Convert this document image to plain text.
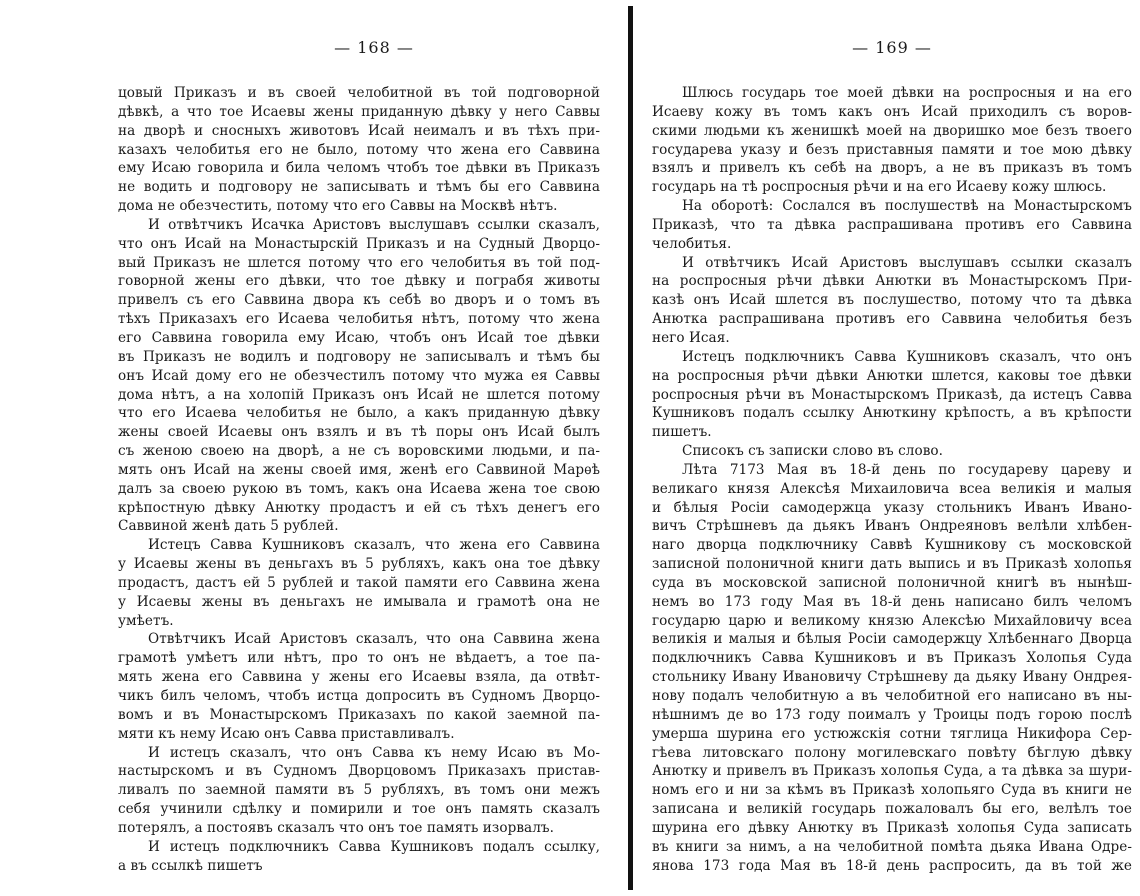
— 168 —
цовый Приказъ и въ своей челобитной въ той подговорной
дѣвкѣ, а что тое Исаевы жены приданную дѣвку у него Саввы
на дворѣ и сносныхъ животовъ Исай неималъ и въ тѣхъ при-
казахъ челобитья его не было, потому что жена его Саввина
ему Исаю говорила и била челомъ чтобъ тое дѣвки въ Приказъ
не водить и подговору не записывать и тѣмъ бы его Саввина
дома не обезчестить, потому что его Саввы на Москвѣ нѣтъ.
И отвѣтчикъ Исачка Аристовъ выслушавъ ссылки сказалъ,
что онъ Исай на Монастырскій Приказъ и на Судный Дворцо-
вый Приказъ не шлется потому что его челобитья въ той под-
говорной жены его дѣвки, что тое дѣвку и пограбя животы
привелъ съ его Саввина двора къ себѣ во дворъ и о томъ въ
тѣхъ Приказахъ его Исаева челобитья нѣтъ, потому что жена
его Саввина говорила ему Исаю, чтобъ онъ Исай тое дѣвки
въ Приказъ не водилъ и подговору не записывалъ и тѣмъ бы
онъ Исай дому его не обезчестилъ потому что мужа ея Саввы
дома нѣтъ, а на холопій Приказъ онъ Исай не шлется потому
что его Исаева челобитья не было, а какъ приданную дѣвку
жены своей Исаевы онъ взялъ и въ тѣ поры онъ Исай былъ
съ женою своею на дворѣ, а не съ воровскими людьми, и па-
мять онъ Исай на жены своей имя, женѣ его Саввиной Марѳѣ
далъ за своею рукою въ томъ, какъ она Исаева жена тое свою
крѣпостную дѣвку Анютку продастъ и ей съ тѣхъ денегъ его
Саввиной женѣ дать 5 рублей.
Истецъ Савва Кушниковъ сказалъ, что жена его Саввина
у Исаевы жены въ деньгахъ въ 5 рубляхъ, какъ она тое дѣвку
продастъ, дастъ ей 5 рублей и такой памяти его Саввина жена
у Исаевы жены въ деньгахъ не имывала и грамотѣ она не
умѣетъ.
Отвѣтчикъ Исай Аристовъ сказалъ, что она Саввина жена
грамотѣ умѣетъ или нѣтъ, про то онъ не вѣдаетъ, а тое па-
мять жена его Саввина у жены его Исаевы взяла, да отвѣт-
чикъ билъ челомъ, чтобъ истца допросить въ Судномъ Дворцо-
вомъ и въ Монастырскомъ Приказахъ по какой заемной па-
мяти къ нему Исаю онъ Савва приставливалъ.
И истецъ сказалъ, что онъ Савва къ нему Исаю въ Мо-
настырскомъ и въ Судномъ Дворцовомъ Приказахъ пристав-
ливалъ по заемной памяти въ 5 рубляхъ, въ томъ они межъ
себя учинили сдѣлку и помирили и тое онъ память сказалъ
потерялъ, а постоявъ сказалъ что онъ тое память изорвалъ.
И истецъ подключникъ Савва Кушниковъ подалъ ссылку,
а въ ссылкѣ пишетъ
— 169 —
Шлюсь государь тое моей дѣвки на роспросныя и на его
Исаеву кожу въ томъ какъ онъ Исай приходилъ съ воров-
скими людьми къ женишкѣ моей на дворишко мое безъ твоего
государева указу и безъ приставныя памяти и тое мою дѣвку
взялъ и привелъ къ себѣ на дворъ, а не въ приказъ въ томъ
государь на тѣ роспросныя рѣчи и на его Исаеву кожу шлюсь.
На оборотѣ: Сослался въ послушествѣ на Монастырскомъ
Приказѣ, что та дѣвка распрашивана противъ его Саввина
челобитья.
И отвѣтчикъ Исай Аристовъ выслушавъ ссылки сказалъ
на роспросныя рѣчи дѣвки Анютки въ Монастырскомъ При-
казѣ онъ Исай шлется въ послушество, потому что та дѣвка
Анютка распрашивана противъ его Саввина челобитья безъ
него Исая.
Истецъ подключникъ Савва Кушниковъ сказалъ, что онъ
на роспросныя рѣчи дѣвки Анютки шлется, каковы тое дѣвки
роспросныя рѣчи въ Монастырскомъ Приказѣ, да истецъ Савва
Кушниковъ подалъ ссылку Анюткину крѣпость, а въ крѣпости
пишетъ.
Списокъ съ записки слово въ слово.
Лѣта 7173 Мая въ 18-й день по государеву цареву и
великаго князя Алексѣя Михаиловича всеа великія и малыя
и бѣлыя Росіи самодержца указу стольникъ Иванъ Ивано-
вичъ Стрѣшневъ да дьякъ Иванъ Ондреяновъ велѣли хлѣбен-
наго дворца подключнику Саввѣ Кушникову съ московской
записной полоничной книги дать выпись и въ Приказѣ холопья
суда въ московской записной полоничной книгѣ въ нынѣш-
немъ во 173 году Мая въ 18-й день написано билъ челомъ
государю царю и великому князю Алексѣю Михайловичу всеа
великія и малыя и бѣлыя Росіи самодержцу Хлѣбеннаго Дворца
подключникъ Савва Кушниковъ и въ Приказъ Холопья Суда
стольнику Ивану Ивановичу Стрѣшневу да дьяку Ивану Ондрея-
нову подалъ челобитную а въ челобитной его написано въ ны-
нѣшнимъ де во 173 году поималъ у Троицы подъ горою послѣ
умерша шурина его устюжскія сотни тяглица Никифора Сер-
гѣева литовскаго полону могилевскаго повѣту бѣглую дѣвку
Анютку и привелъ въ Приказъ холопья Суда, а та дѣвка за шури-
номъ его и ни за кѣмъ въ Приказѣ холопьяго Суда въ книги не
записана и великій государь пожаловалъ бы его, велѣлъ тое
шурина его дѣвку Анютку въ Приказѣ холопья Суда записать
въ книги за нимъ, а на челобитной помѣта дьяка Ивана Одре-
янова 173 года Мая въ 18-й день распросить, да въ той же
